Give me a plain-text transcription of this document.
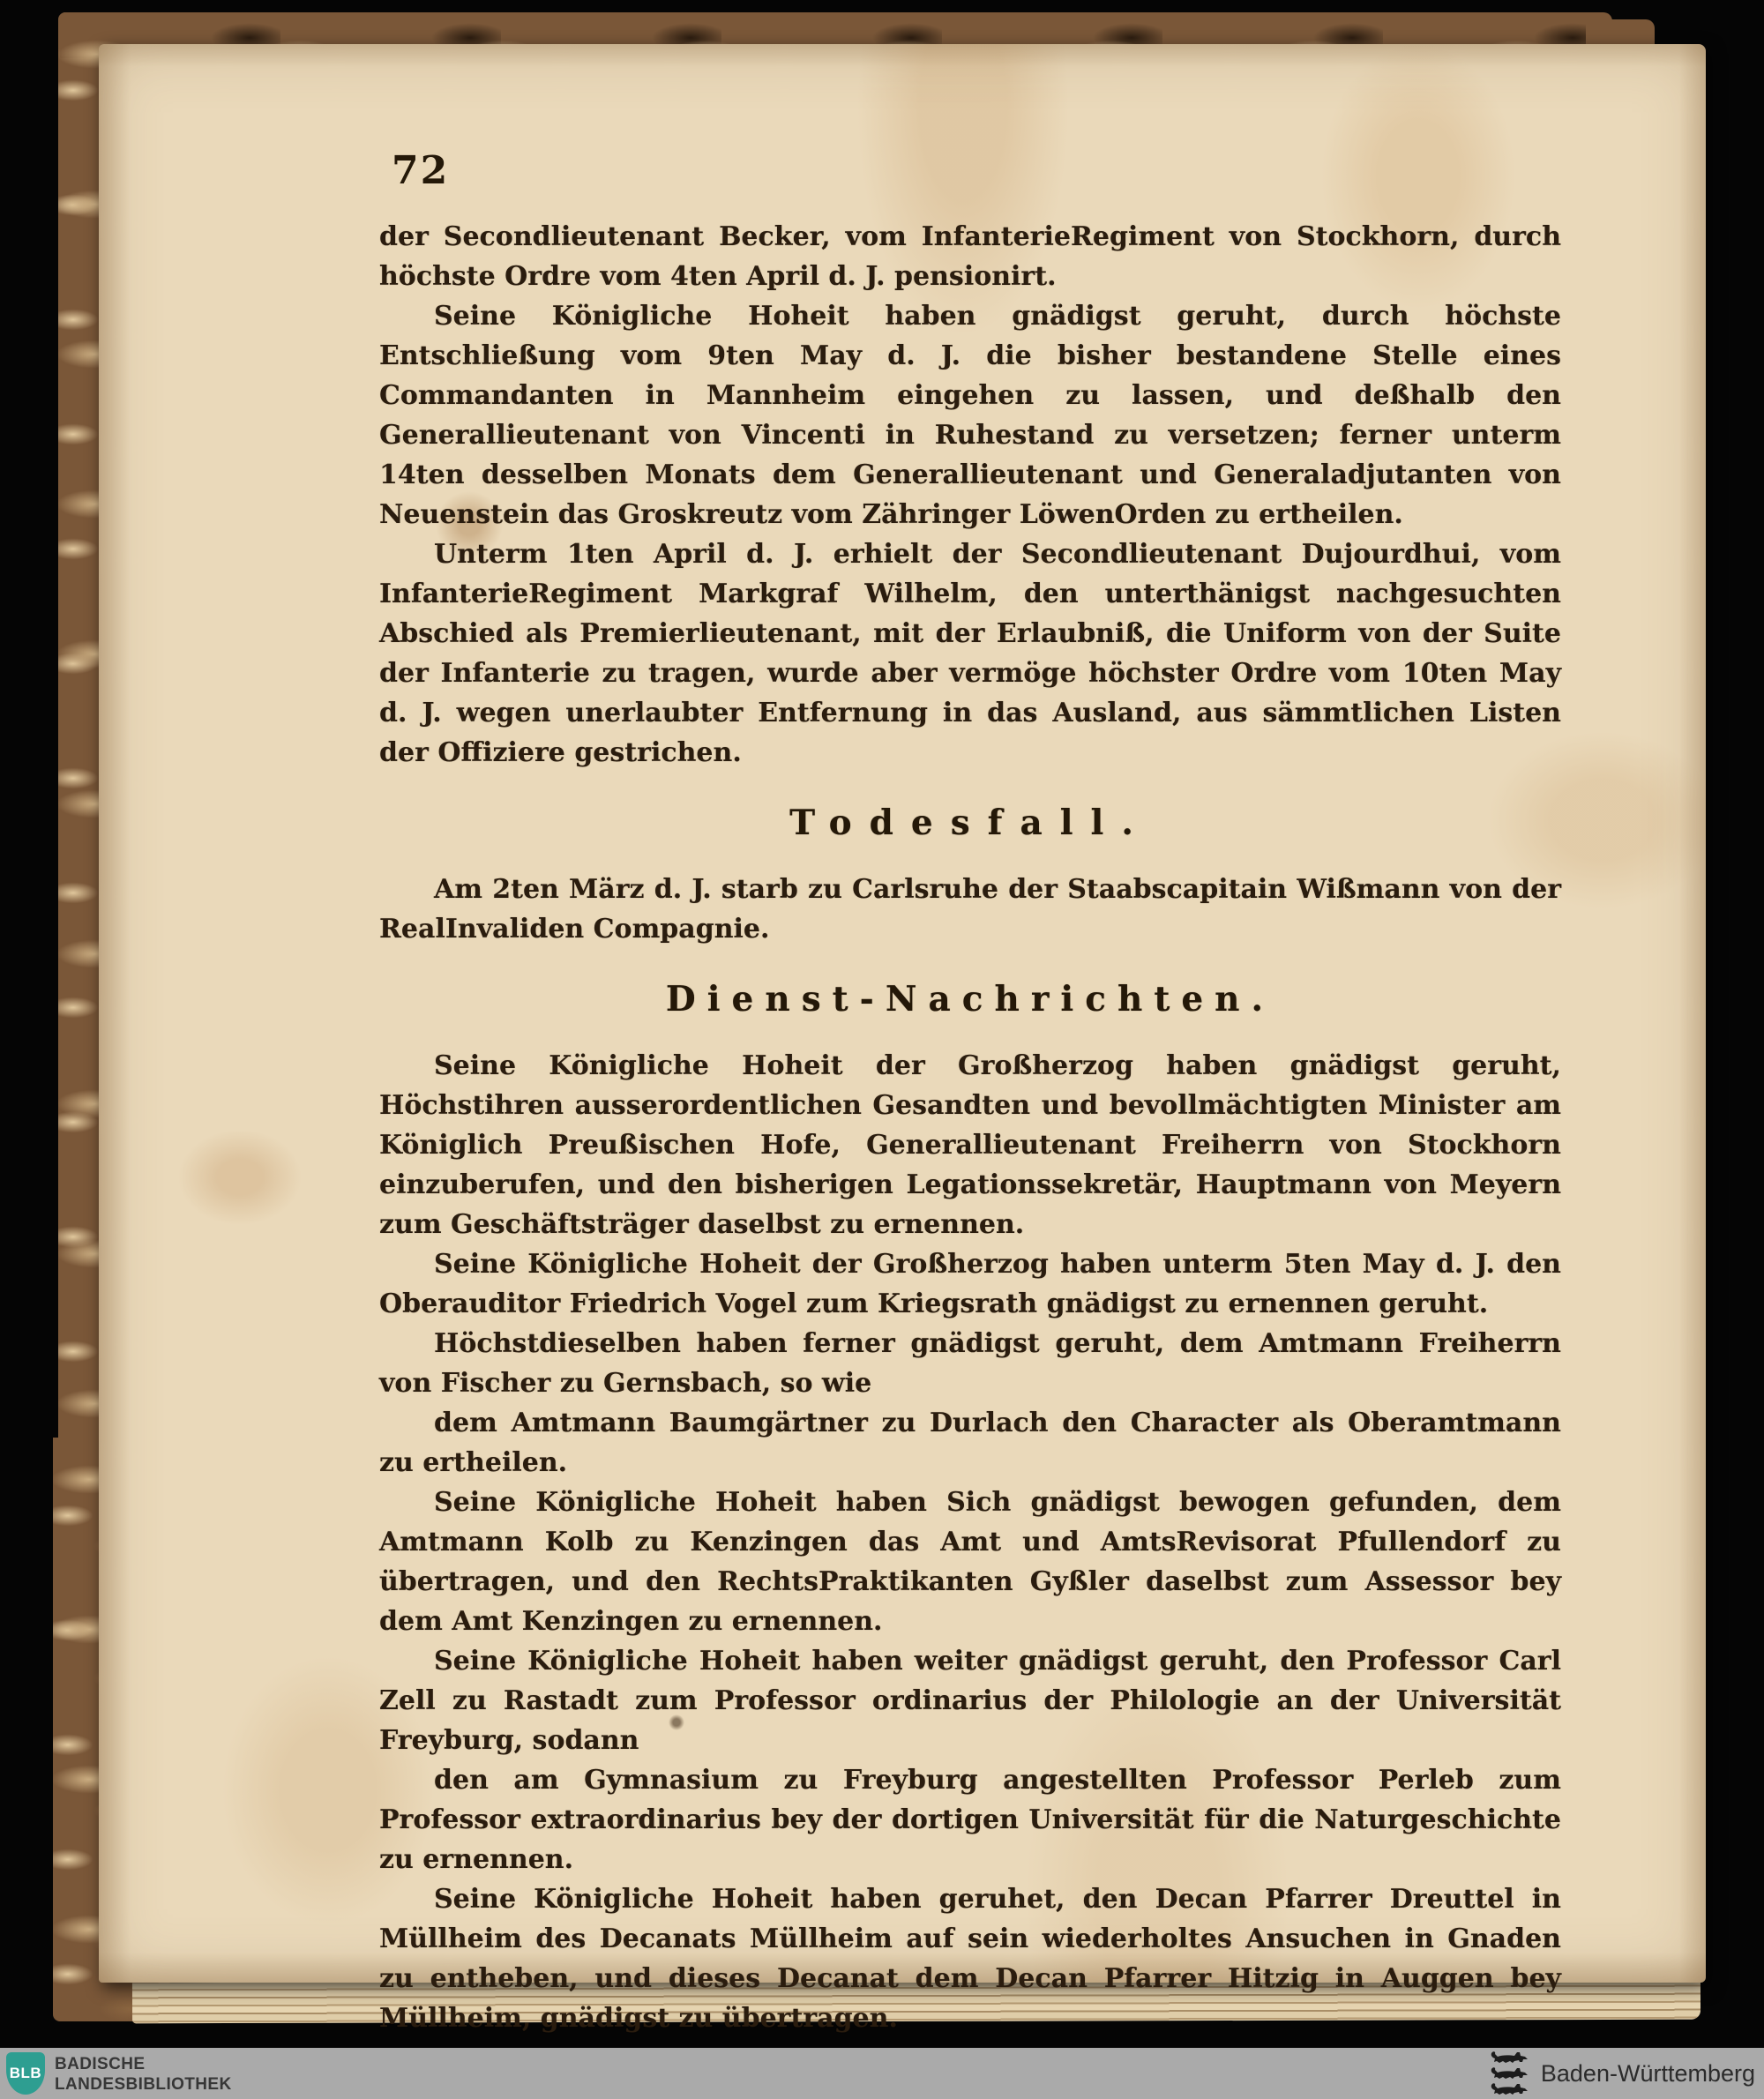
72
der Secondlieutenant Becker, vom InfanterieRegiment von Stockhorn, durch höchste Ordre vom 4ten April d. J. pensionirt.
Seine Königliche Hoheit haben gnädigst geruht, durch höchste Entschließung vom 9ten May d. J. die bisher bestandene Stelle eines Commandanten in Mannheim eingehen zu lassen, und deßhalb den Generallieutenant von Vincenti in Ruhestand zu versetzen; ferner unterm 14ten desselben Monats dem Generallieutenant und Generaladjutanten von Neuenstein das Groskreutz vom Zähringer LöwenOrden zu ertheilen.
Unterm 1ten April d. J. erhielt der Secondlieutenant Dujourdhui, vom InfanterieRegiment Markgraf Wilhelm, den unterthänigst nachgesuchten Abschied als Premierlieutenant, mit der Erlaubniß, die Uniform von der Suite der Infanterie zu tragen, wurde aber vermöge höchster Ordre vom 10ten May d. J. wegen unerlaubter Entfernung in das Ausland, aus sämmtlichen Listen der Offiziere gestrichen.
Todesfall.
Am 2ten März d. J. starb zu Carlsruhe der Staabscapitain Wißmann von der RealInvaliden Compagnie.
Dienst-Nachrichten.
Seine Königliche Hoheit der Großherzog haben gnädigst geruht, Höchstihren ausserordentlichen Gesandten und bevollmächtigten Minister am Königlich Preußischen Hofe, Generallieutenant Freiherrn von Stockhorn einzuberufen, und den bisherigen Legationssekretär, Hauptmann von Meyern zum Geschäftsträger daselbst zu ernennen.
Seine Königliche Hoheit der Großherzog haben unterm 5ten May d. J. den Oberauditor Friedrich Vogel zum Kriegsrath gnädigst zu ernennen geruht.
Höchstdieselben haben ferner gnädigst geruht, dem Amtmann Freiherrn von Fischer zu Gernsbach, so wie
dem Amtmann Baumgärtner zu Durlach den Character als Oberamtmann zu ertheilen.
Seine Königliche Hoheit haben Sich gnädigst bewogen gefunden, dem Amtmann Kolb zu Kenzingen das Amt und AmtsRevisorat Pfullendorf zu übertragen, und den RechtsPraktikanten Gyßler daselbst zum Assessor bey dem Amt Kenzingen zu ernennen.
Seine Königliche Hoheit haben weiter gnädigst geruht, den Professor Carl Zell zu Rastadt zum Professor ordinarius der Philologie an der Universität Freyburg, sodann
den am Gymnasium zu Freyburg angestellten Professor Perleb zum Professor extraordinarius bey der dortigen Universität für die Naturgeschichte zu ernennen.
Seine Königliche Hoheit haben geruhet, den Decan Pfarrer Dreuttel in Müllheim des Decanats Müllheim auf sein wiederholtes Ansuchen in Gnaden zu entheben, und dieses Decanat dem Decan Pfarrer Hitzig in Auggen bey Müllheim, gnädigst zu übertragen.
BLB BADISCHE
LANDESBIBLIOTHEK	Baden-Württemberg
